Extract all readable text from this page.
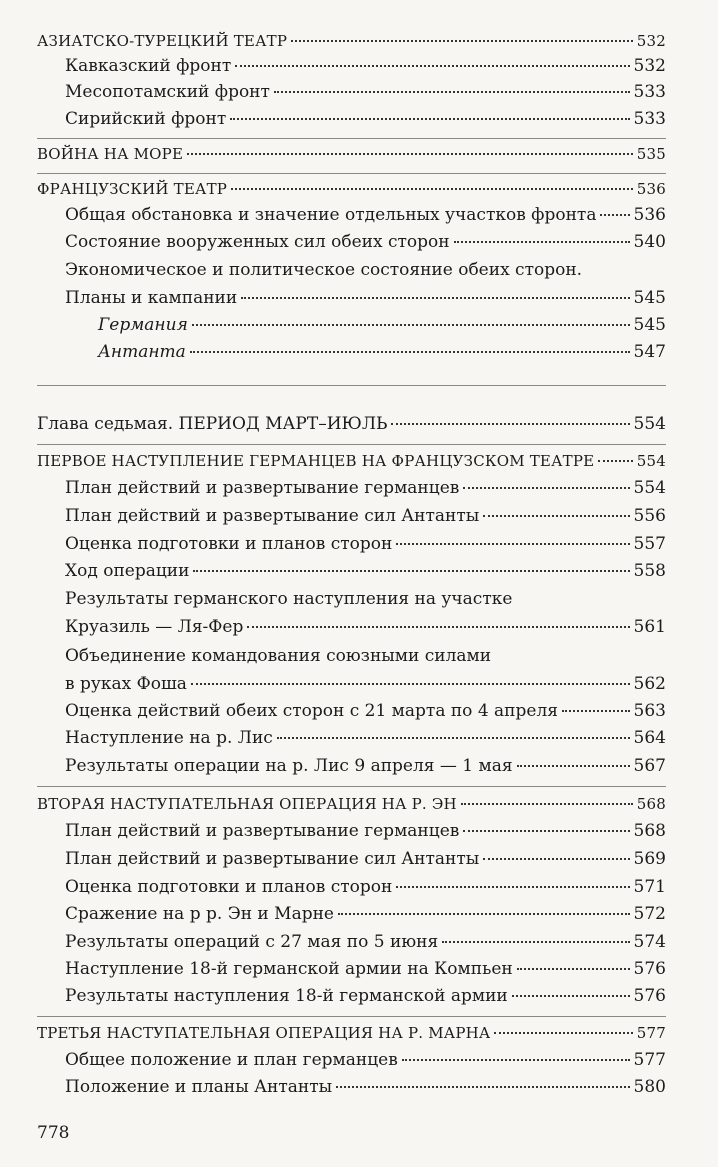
АЗИАТСКО-ТУРЕЦКИЙ ТЕАТР	532
Кавказский фронт	532
Месопотамский фронт	533
Сирийский фронт	533
ВОЙНА НА МОРЕ	535
ФРАНЦУЗСКИЙ ТЕАТР	536
Общая обстановка и значение отдельных участков фронта 536
Состояние вооруженных сил обеих сторон	540
Экономическое и политическое состояние обеих сторон.
Планы и кампании	545
Германия	545
Антанта	547
Глава седьмая. ПЕРИОД МАРТ–ИЮЛЬ	554
ПЕРВОЕ НАСТУПЛЕНИЕ ГЕРМАНЦЕВ НА ФРАНЦУЗСКОМ ТЕАТРЕ	554
План действий и развертывание германцев	554
План действий и развертывание сил Антанты	556
Оценка подготовки и планов сторон	557
Ход операции	558
Результаты германского наступления на участке
Круазиль — Ля-Фер	561
Объединение командования союзными силами
в руках Фоша	562
Оценка действий обеих сторон с 21 марта по 4 апреля	563
Наступление на р. Лис	564
Результаты операции на р. Лис 9 апреля — 1 мая	567
ВТОРАЯ НАСТУПАТЕЛЬНАЯ ОПЕРАЦИЯ НА Р. ЭН	568
План действий и развертывание германцев	568
План действий и развертывание сил Антанты	569
Оценка подготовки и планов сторон	571
Сражение на р р. Эн и Марне	572
Результаты операций с 27 мая по 5 июня	574
Наступление 18-й германской армии на Компьен	576
Результаты наступления 18-й германской армии	576
ТРЕТЬЯ НАСТУПАТЕЛЬНАЯ ОПЕРАЦИЯ НА Р. МАРНА	577
Общее положение и план германцев	577
Положение и планы Антанты	580
778
